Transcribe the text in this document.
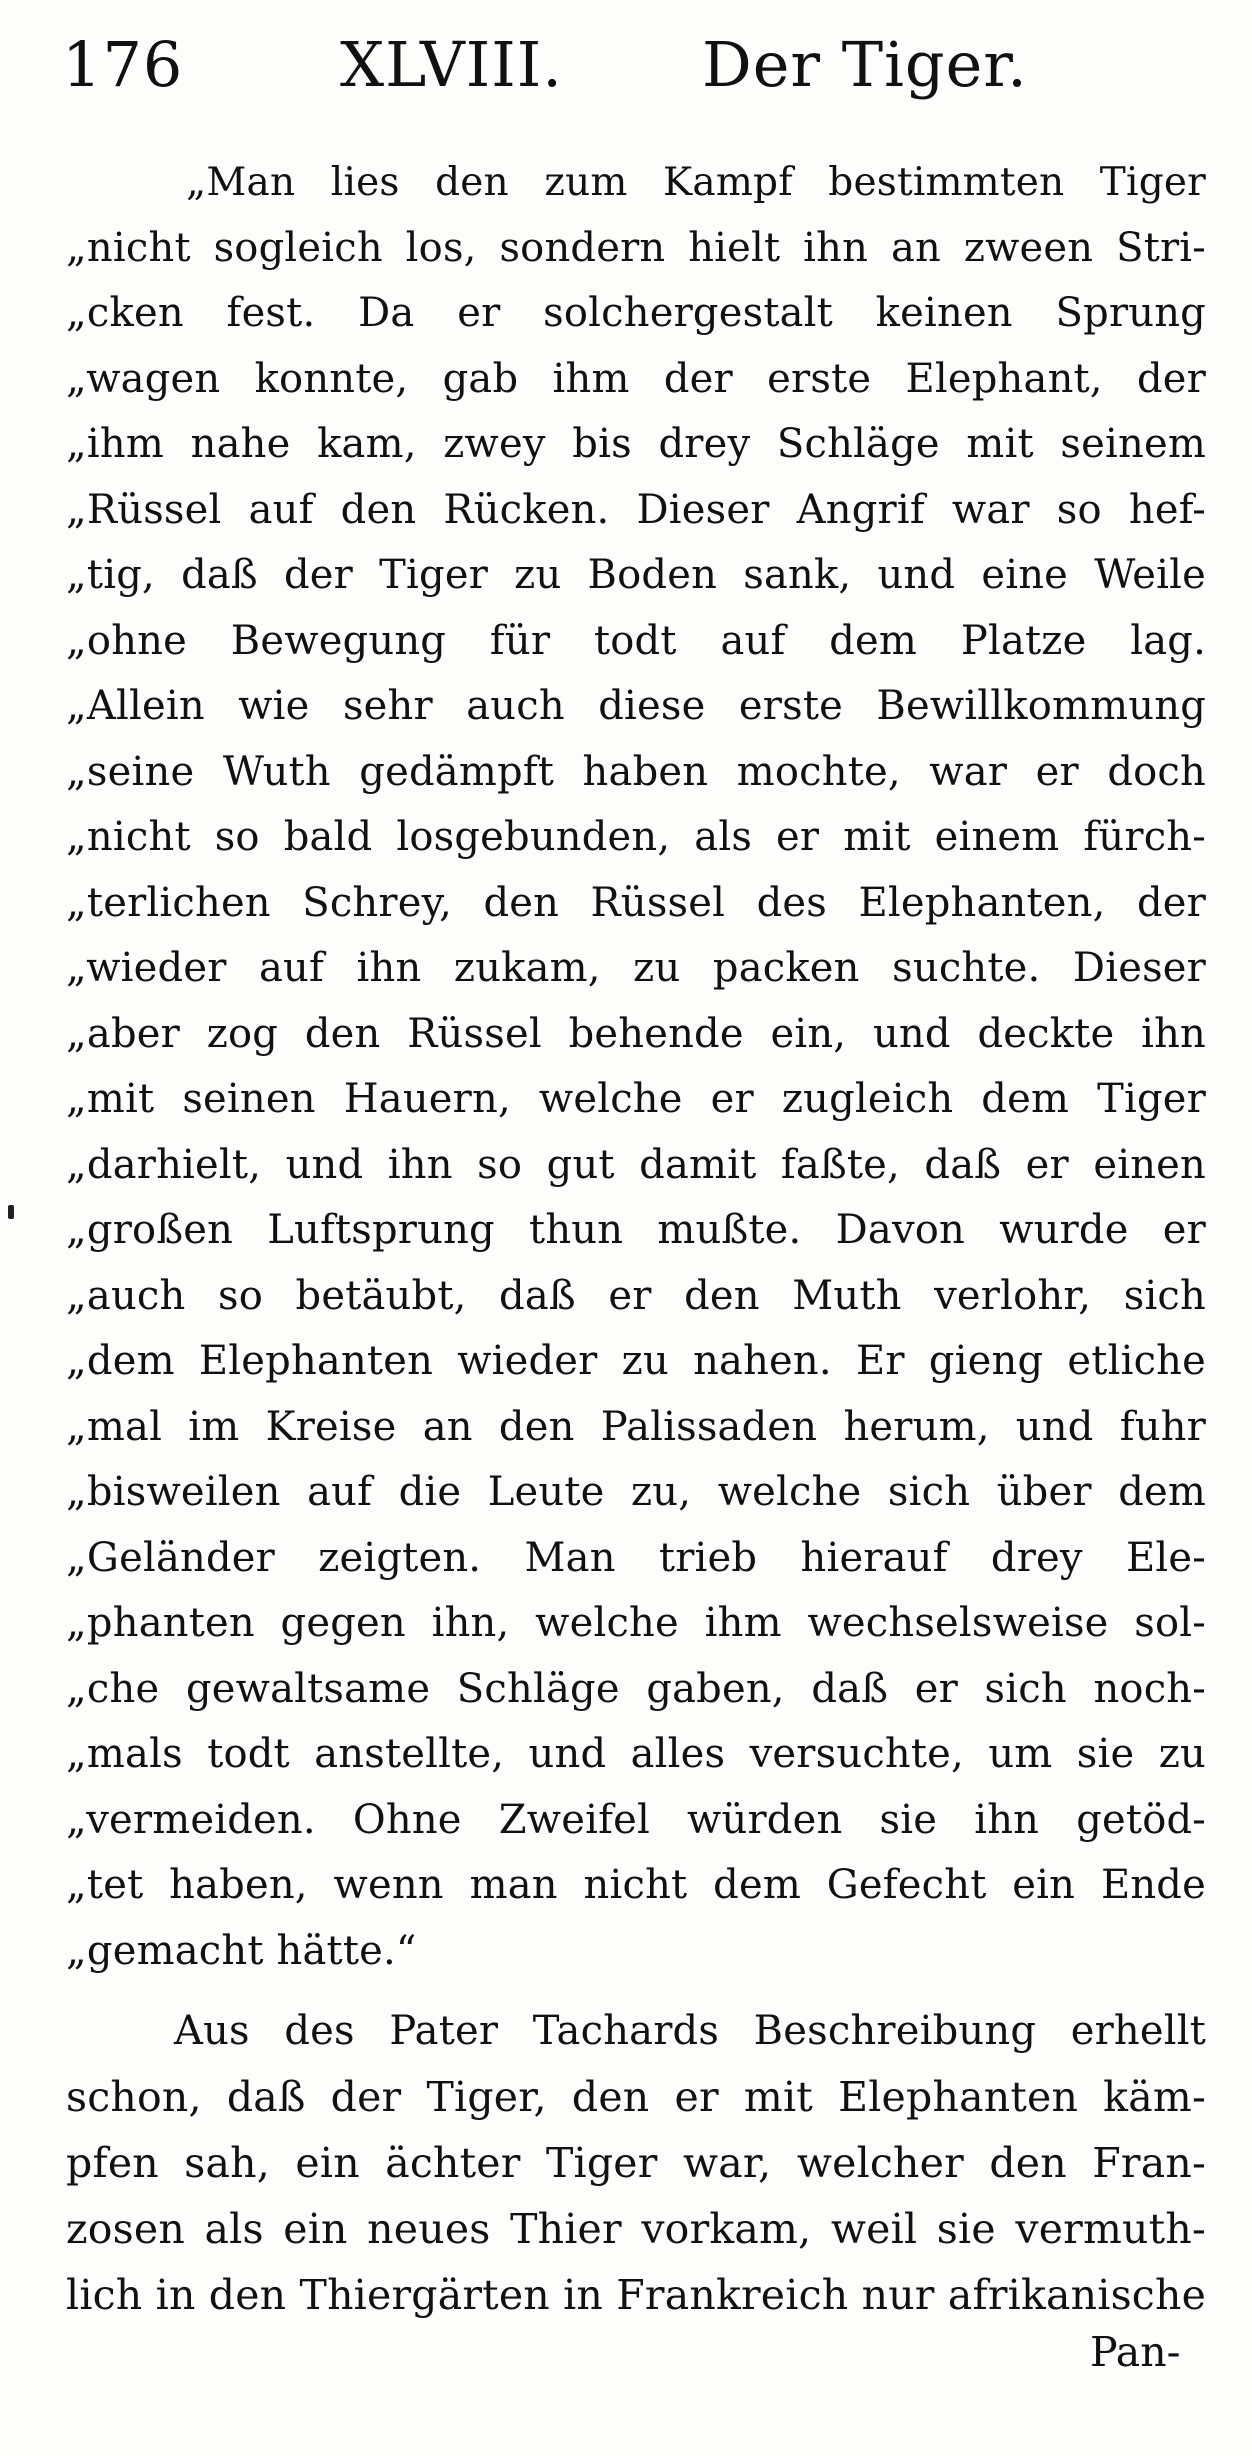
176	XLVIII. Der Tiger.
„Man lies den zum Kampf bestimmten Tiger
„nicht sogleich los, sondern hielt ihn an zween Stri-
„cken fest. Da er solchergestalt keinen Sprung
„wagen konnte, gab ihm der erste Elephant, der
„ihm nahe kam, zwey bis drey Schläge mit seinem
„Rüssel auf den Rücken. Dieser Angrif war so hef-
„tig, daß der Tiger zu Boden sank, und eine Weile
„ohne Bewegung für todt auf dem Platze lag.
„Allein wie sehr auch diese erste Bewillkommung
„seine Wuth gedämpft haben mochte, war er doch
„nicht so bald losgebunden, als er mit einem fürch-
„terlichen Schrey, den Rüssel des Elephanten, der
„wieder auf ihn zukam, zu packen suchte. Dieser
„aber zog den Rüssel behende ein, und deckte ihn
„mit seinen Hauern, welche er zugleich dem Tiger
„darhielt, und ihn so gut damit faßte, daß er einen
„großen Luftsprung thun mußte. Davon wurde er
„auch so betäubt, daß er den Muth verlohr, sich
„dem Elephanten wieder zu nahen. Er gieng etliche
„mal im Kreise an den Palissaden herum, und fuhr
„bisweilen auf die Leute zu, welche sich über dem
„Geländer zeigten. Man trieb hierauf drey Ele-
„phanten gegen ihn, welche ihm wechselsweise sol-
„che gewaltsame Schläge gaben, daß er sich noch-
„mals todt anstellte, und alles versuchte, um sie zu
„vermeiden. Ohne Zweifel würden sie ihn getöd-
„tet haben, wenn man nicht dem Gefecht ein Ende
„gemacht hätte.“
Aus des Pater Tachards Beschreibung erhellt
schon, daß der Tiger, den er mit Elephanten käm-
pfen sah, ein ächter Tiger war, welcher den Fran-
zosen als ein neues Thier vorkam, weil sie vermuth-
lich in den Thiergärten in Frankreich nur afrikanische
Pan-
